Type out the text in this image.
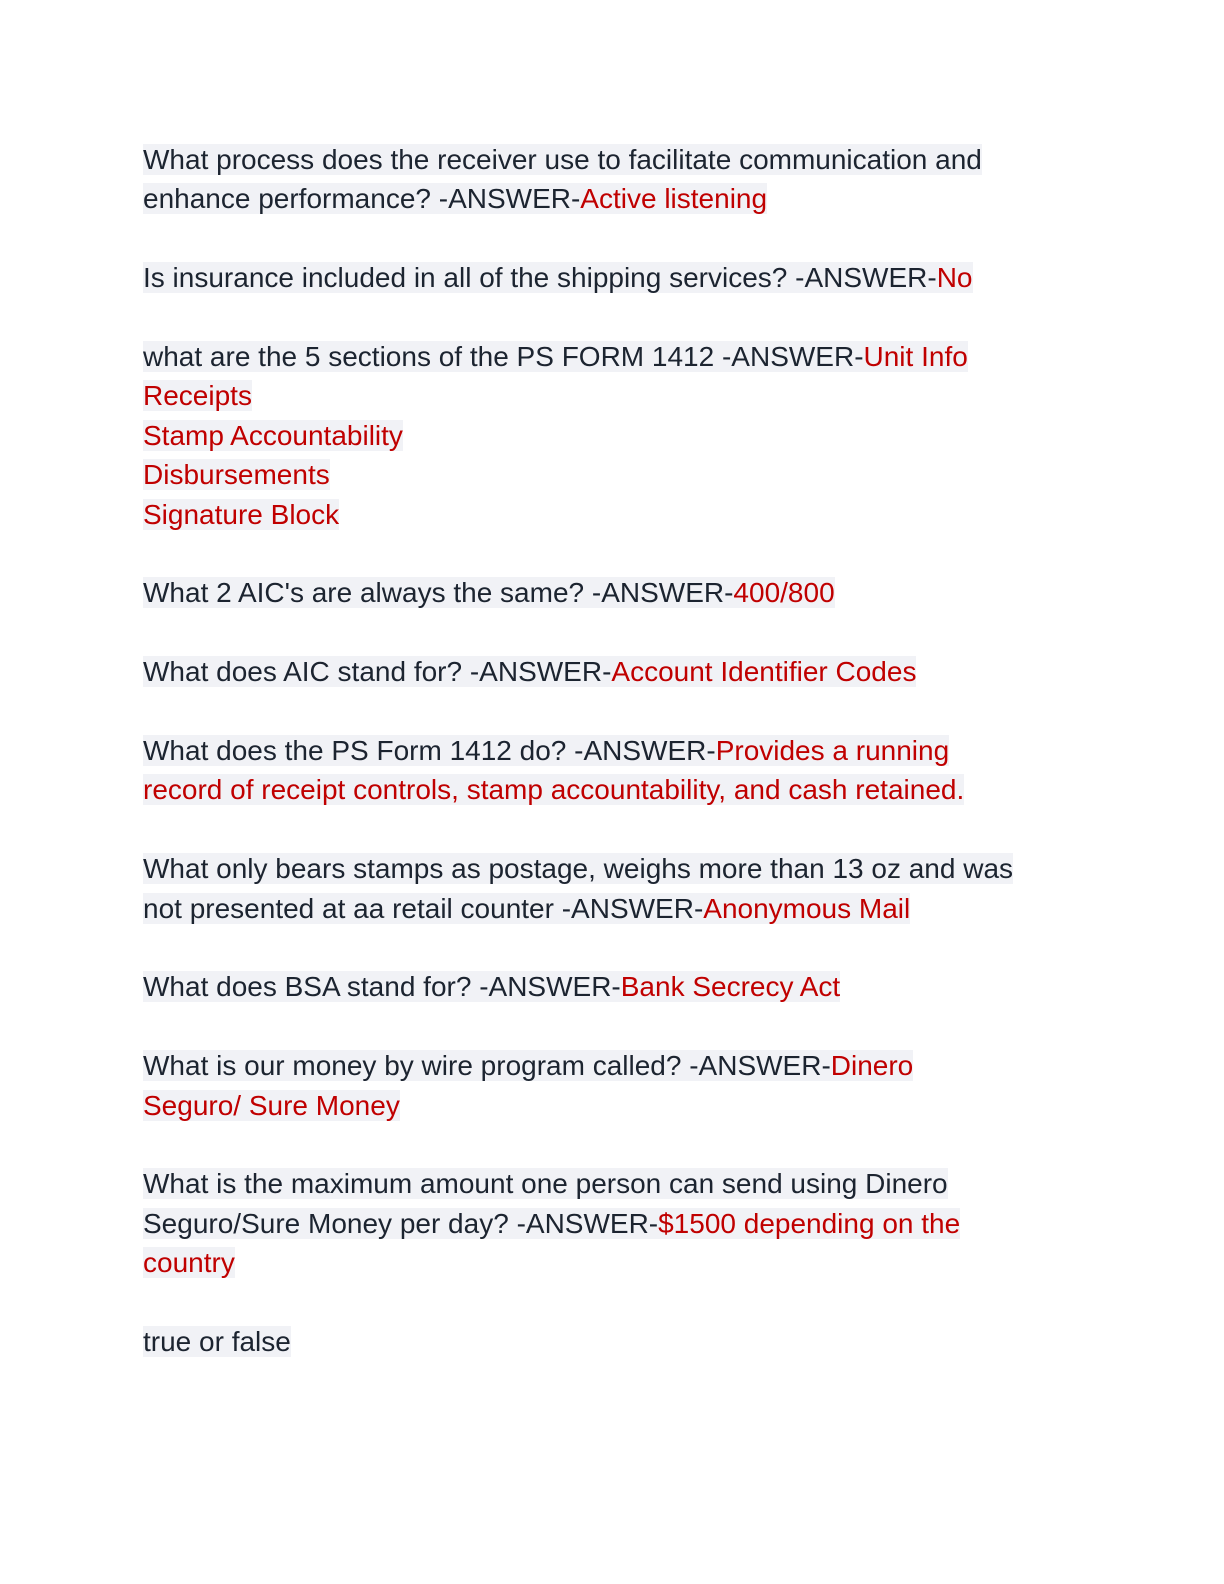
What process does the receiver use to facilitate communication and
enhance performance? -ANSWER-Active listening
Is insurance included in all of the shipping services? -ANSWER-No
what are the 5 sections of the PS FORM 1412 -ANSWER-Unit Info
Receipts
Stamp Accountability
Disbursements
Signature Block
What 2 AIC's are always the same? -ANSWER-400/800
What does AIC stand for? -ANSWER-Account Identifier Codes
What does the PS Form 1412 do? -ANSWER-Provides a running
record of receipt controls, stamp accountability, and cash retained.
What only bears stamps as postage, weighs more than 13 oz and was
not presented at aa retail counter -ANSWER-Anonymous Mail
What does BSA stand for? -ANSWER-Bank Secrecy Act
What is our money by wire program called? -ANSWER-Dinero
Seguro/ Sure Money
What is the maximum amount one person can send using Dinero
Seguro/Sure Money per day? -ANSWER-$1500 depending on the
country
true or false
